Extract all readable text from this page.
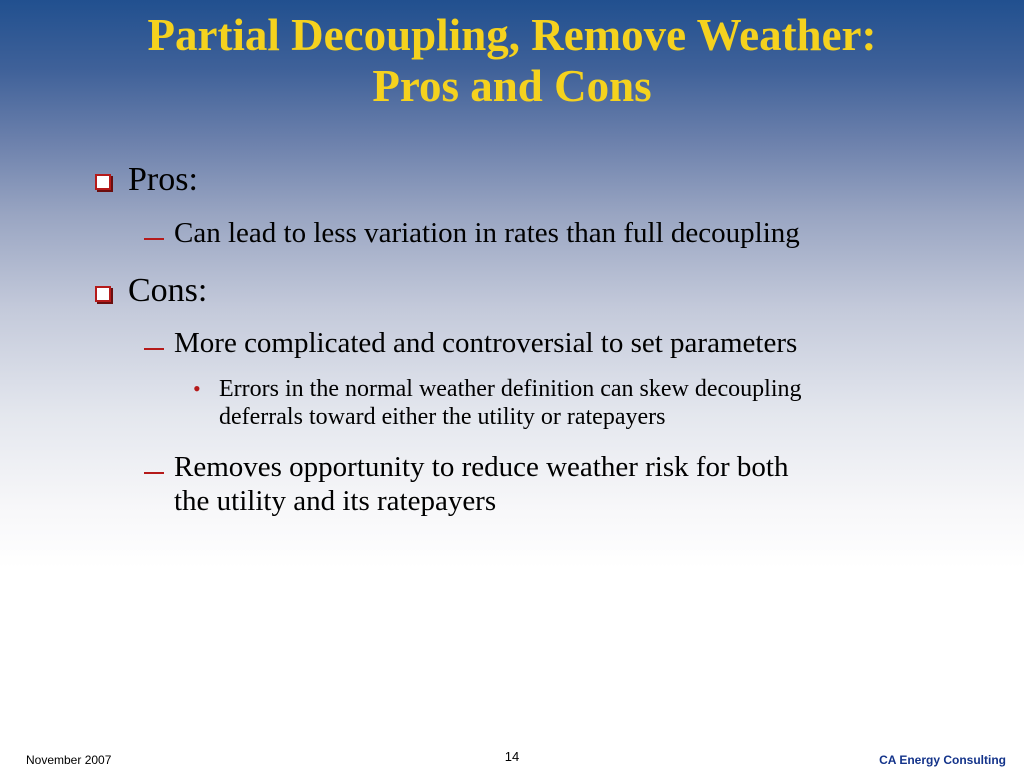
Partial Decoupling, Remove Weather:
Pros and Cons
Pros:
Can lead to less variation in rates than full decoupling
Cons:
More complicated and controversial to set parameters
• Errors in the normal weather definition can skew decoupling
deferrals toward either the utility or ratepayers
Removes opportunity to reduce weather risk for both
the utility and its ratepayers
November 2007	14	CA Energy Consulting
